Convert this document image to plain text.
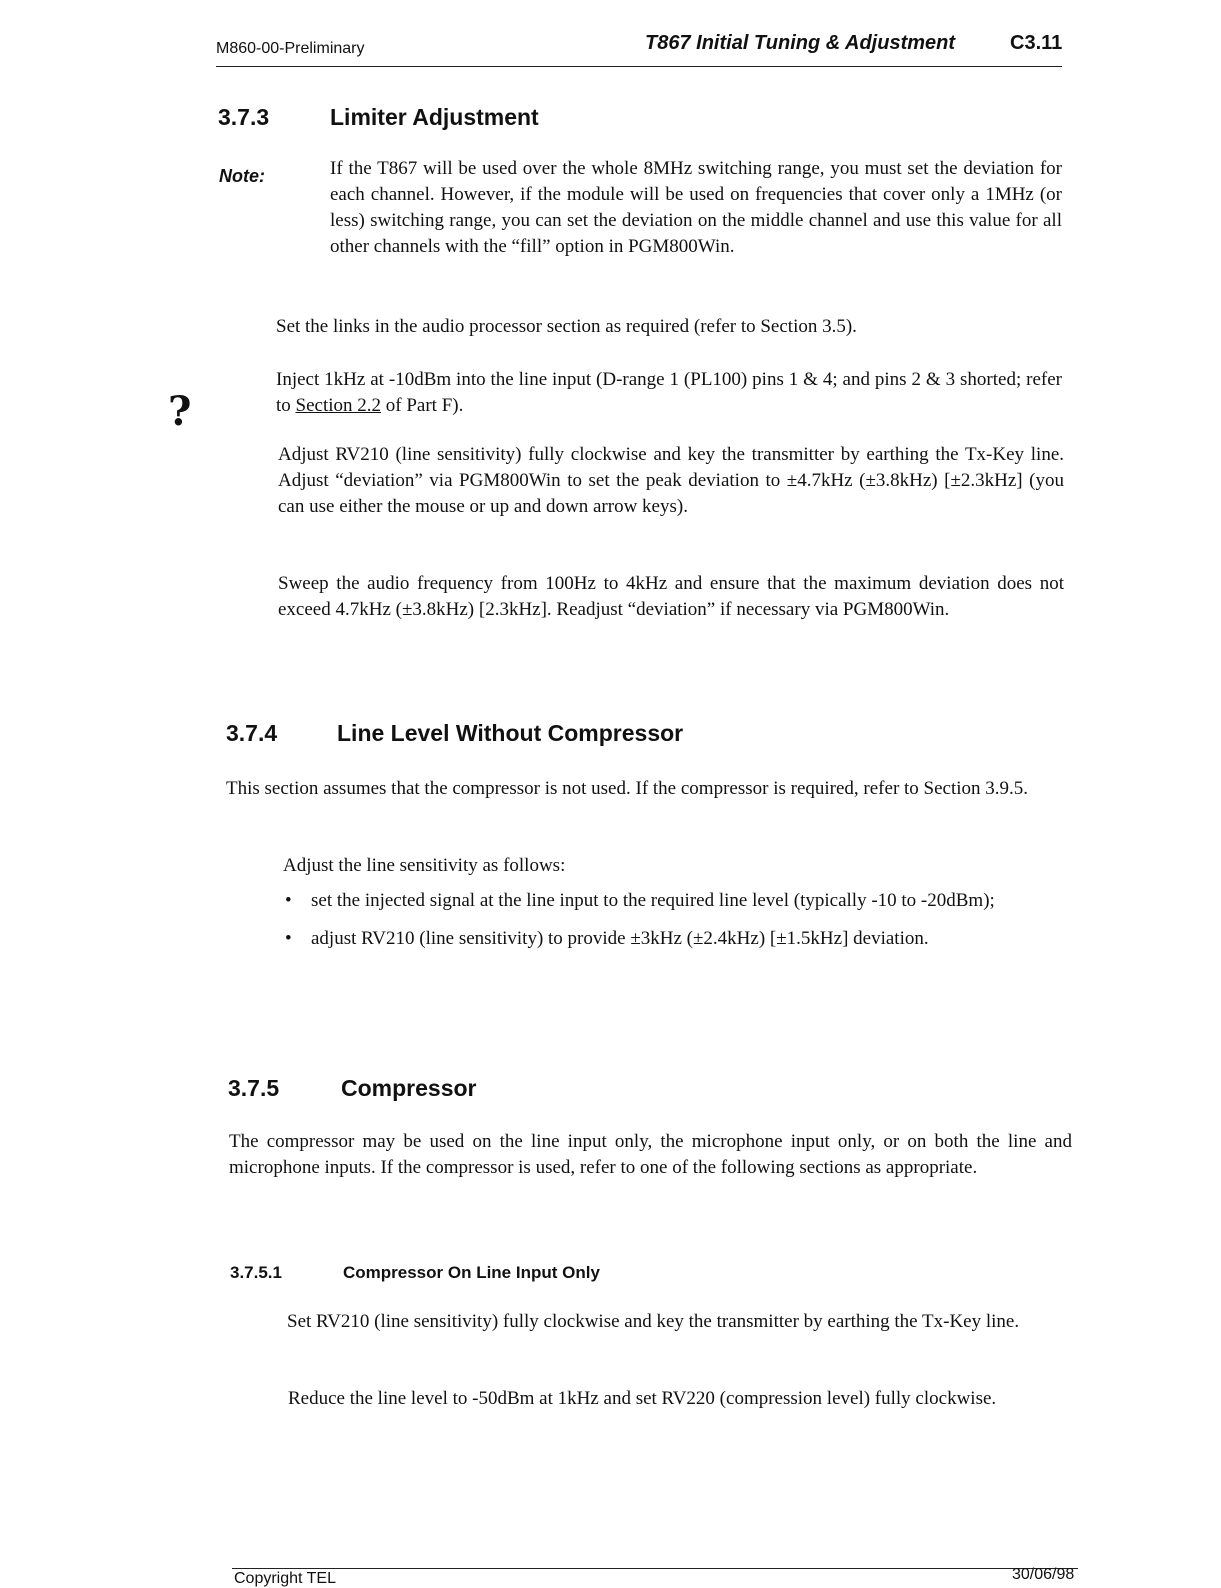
M860-00-Preliminary	T867 Initial Tuning & Adjustment	C3.11
?
3.7.3	Limiter Adjustment
Note:	If the T867 will be used over the whole 8MHz switching range, you must set the deviation for each channel. However, if the module will be used on frequencies that cover only a 1MHz (or less) switching range, you can set the deviation on the middle channel and use this value for all other channels with the “fill” option in PGM800Win.
Set the links in the audio processor section as required (refer to Section 3.5).
Inject 1kHz at -10dBm into the line input (D-range 1 (PL100) pins 1 & 4; and pins 2 & 3 shorted; refer to Section 2.2 of Part F).
Adjust RV210 (line sensitivity) fully clockwise and key the transmitter by earthing the Tx-Key line. Adjust “deviation” via PGM800Win to set the peak deviation to ±4.7kHz (±3.8kHz) [±2.3kHz] (you can use either the mouse or up and down arrow keys).
Sweep the audio frequency from 100Hz to 4kHz and ensure that the maximum deviation does not exceed 4.7kHz (±3.8kHz) [2.3kHz]. Readjust “deviation” if necessary via PGM800Win.
3.7.4	Line Level Without Compressor
This section assumes that the compressor is not used. If the compressor is required, refer to Section 3.9.5.
Adjust the line sensitivity as follows:
• set the injected signal at the line input to the required line level (typically -10 to -20dBm);
• adjust RV210 (line sensitivity) to provide ±3kHz (±2.4kHz) [±1.5kHz] deviation.
3.7.5	Compressor
The compressor may be used on the line input only, the microphone input only, or on both the line and microphone inputs. If the compressor is used, refer to one of the following sections as appropriate.
3.7.5.1	Compressor On Line Input Only
Set RV210 (line sensitivity) fully clockwise and key the transmitter by earthing the Tx-Key line.
Reduce the line level to -50dBm at 1kHz and set RV220 (compression level) fully clockwise.
Copyright TEL	30/06/98
